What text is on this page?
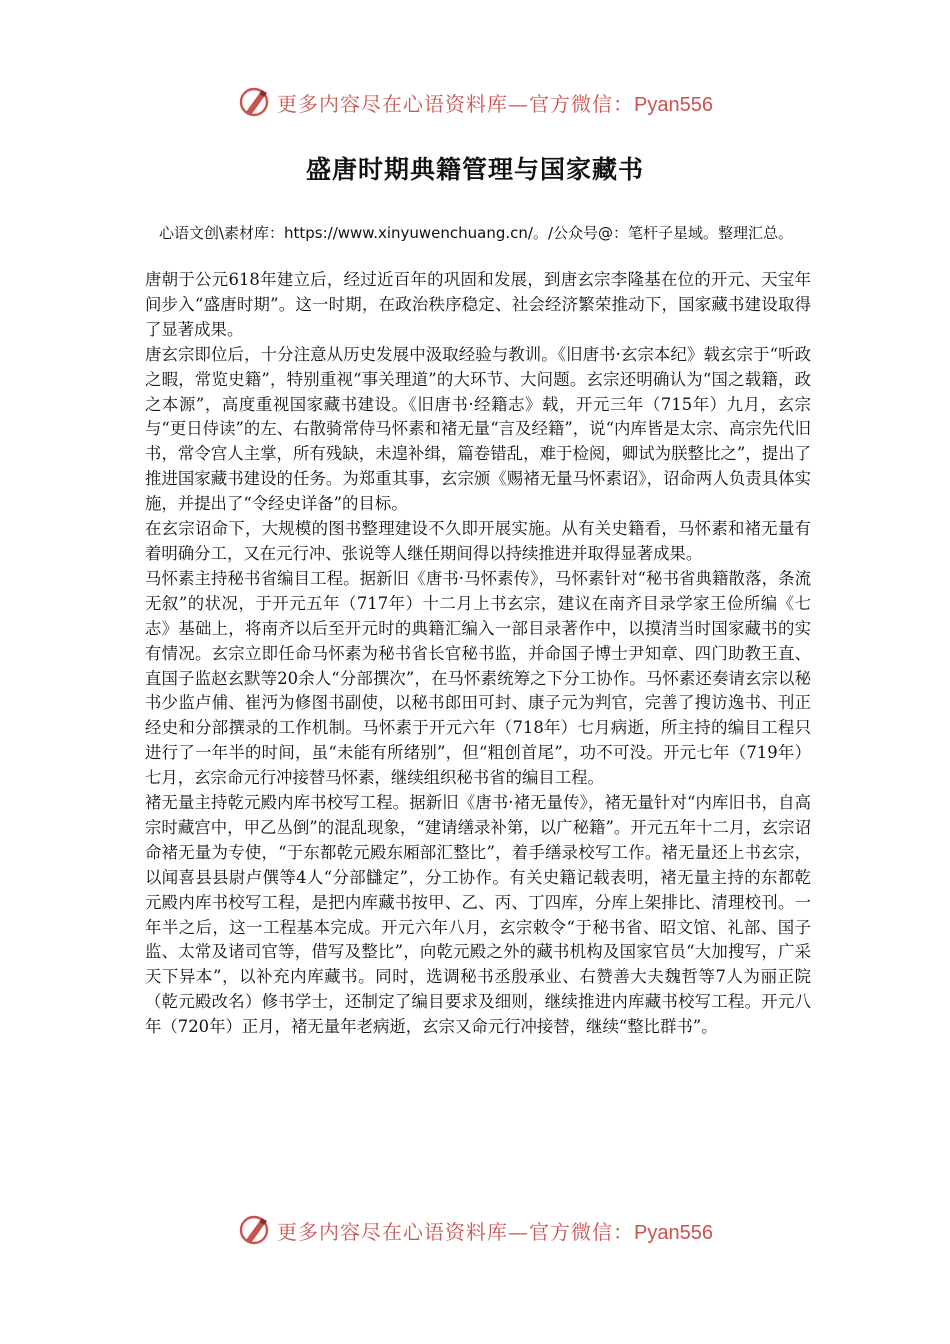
更多内容尽在心语资料库—官方微信：Pyan556
盛唐时期典籍管理与国家藏书
心语文创\素材库：https://www.xinyuwenchuang.cn/。/公众号@：笔杆子星域。整理汇总。

唐朝于公元618年建立后，经过近百年的巩固和发展，到唐玄宗李隆基在位的开元、天宝年间步入“盛唐时期”。这一时期，在政治秩序稳定、社会经济繁荣推动下，国家藏书建设取得了显著成果。

唐玄宗即位后，十分注意从历史发展中汲取经验与教训。《旧唐书·玄宗本纪》载玄宗于“听政之暇，常览史籍”，特别重视“事关理道”的大环节、大问题。玄宗还明确认为“国之载籍，政之本源”，高度重视国家藏书建设。《旧唐书·经籍志》载，开元三年（715年）九月，玄宗与“更日侍读”的左、右散骑常侍马怀素和褚无量“言及经籍”，说“内库皆是太宗、高宗先代旧书，常令宫人主掌，所有残缺，未遑补缉，篇卷错乱，难于检阅，卿试为朕整比之”，提出了推进国家藏书建设的任务。为郑重其事，玄宗颁《赐褚无量马怀素诏》，诏命两人负责具体实施，并提出了“令经史详备”的目标。

在玄宗诏命下，大规模的图书整理建设不久即开展实施。从有关史籍看，马怀素和褚无量有着明确分工，又在元行冲、张说等人继任期间得以持续推进并取得显著成果。

马怀素主持秘书省编目工程。据新旧《唐书·马怀素传》，马怀素针对“秘书省典籍散落，条流无叙”的状况，于开元五年（717年）十二月上书玄宗，建议在南齐目录学家王俭所编《七志》基础上，将南齐以后至开元时的典籍汇编入一部目录著作中，以摸清当时国家藏书的实有情况。玄宗立即任命马怀素为秘书省长官秘书监，并命国子博士尹知章、四门助教王直、直国子监赵玄默等20余人“分部撰次”，在马怀素统筹之下分工协作。马怀素还奏请玄宗以秘书少监卢俌、崔沔为修图书副使，以秘书郎田可封、康子元为判官，完善了搜访逸书、刊正经史和分部撰录的工作机制。马怀素于开元六年（718年）七月病逝，所主持的编目工程只进行了一年半的时间，虽“未能有所绪别”，但“粗创首尾”，功不可没。开元七年（719年）七月，玄宗命元行冲接替马怀素，继续组织秘书省的编目工程。

褚无量主持乾元殿内库书校写工程。据新旧《唐书·褚无量传》，褚无量针对“内库旧书，自高宗时藏宫中，甲乙丛倒”的混乱现象，“建请缮录补第，以广秘籍”。开元五年十二月，玄宗诏命褚无量为专使，“于东都乾元殿东厢部汇整比”，着手缮录校写工作。褚无量还上书玄宗，以闻喜县县尉卢僎等4人“分部讎定”，分工协作。有关史籍记载表明，褚无量主持的东都乾元殿内库书校写工程，是把内库藏书按甲、乙、丙、丁四库，分库上架排比、清理校刊。一年半之后，这一工程基本完成。开元六年八月，玄宗敕令“于秘书省、昭文馆、礼部、国子监、太常及诸司官等，借写及整比”，向乾元殿之外的藏书机构及国家官员“大加搜写，广采天下异本”，以补充内库藏书。同时，选调秘书丞殷承业、右赞善大夫魏哲等7人为丽正院（乾元殿改名）修书学士，还制定了编目要求及细则，继续推进内库藏书校写工程。开元八年（720年）正月，褚无量年老病逝，玄宗又命元行冲接替，继续“整比群书”。

更多内容尽在心语资料库—官方微信：Pyan556
